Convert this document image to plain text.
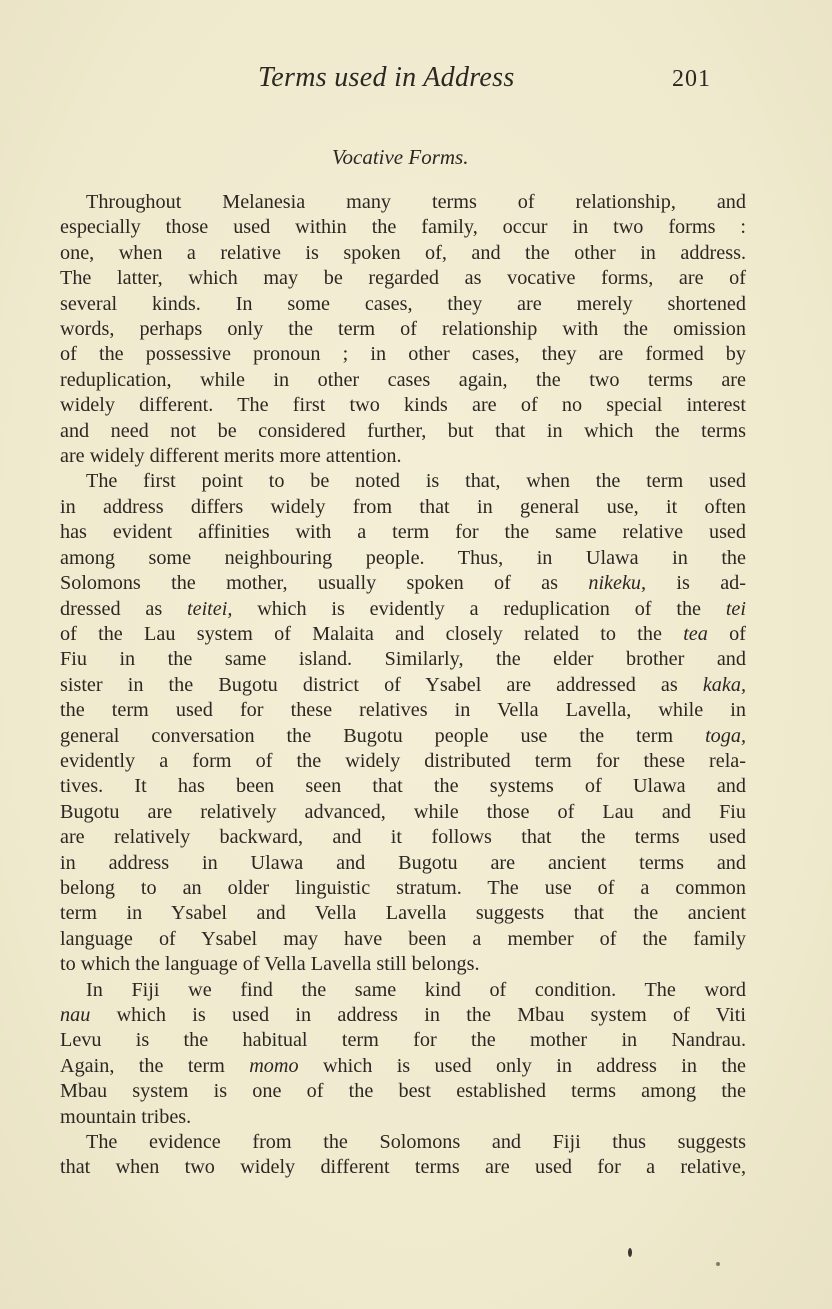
Terms used in Address	201
Vocative Forms.
Throughout Melanesia many terms of relationship, and
especially those used within the family, occur in two forms :
one, when a relative is spoken of, and the other in address.
The latter, which may be regarded as vocative forms, are of
several kinds. In some cases, they are merely shortened
words, perhaps only the term of relationship with the omission
of the possessive pronoun ; in other cases, they are formed by
reduplication, while in other cases again, the two terms are
widely different. The first two kinds are of no special interest
and need not be considered further, but that in which the terms
are widely different merits more attention.
The first point to be noted is that, when the term used
in address differs widely from that in general use, it often
has evident affinities with a term for the same relative used
among some neighbouring people. Thus, in Ulawa in the
Solomons the mother, usually spoken of as nikeku, is ad-
dressed as teitei, which is evidently a reduplication of the tei
of the Lau system of Malaita and closely related to the tea of
Fiu in the same island. Similarly, the elder brother and
sister in the Bugotu district of Ysabel are addressed as kaka,
the term used for these relatives in Vella Lavella, while in
general conversation the Bugotu people use the term toga,
evidently a form of the widely distributed term for these rela-
tives. It has been seen that the systems of Ulawa and
Bugotu are relatively advanced, while those of Lau and Fiu
are relatively backward, and it follows that the terms used
in address in Ulawa and Bugotu are ancient terms and
belong to an older linguistic stratum. The use of a common
term in Ysabel and Vella Lavella suggests that the ancient
language of Ysabel may have been a member of the family
to which the language of Vella Lavella still belongs.
In Fiji we find the same kind of condition. The word
nau which is used in address in the Mbau system of Viti
Levu is the habitual term for the mother in Nandrau.
Again, the term momo which is used only in address in the
Mbau system is one of the best established terms among the
mountain tribes.
The evidence from the Solomons and Fiji thus suggests
that when two widely different terms are used for a relative,
